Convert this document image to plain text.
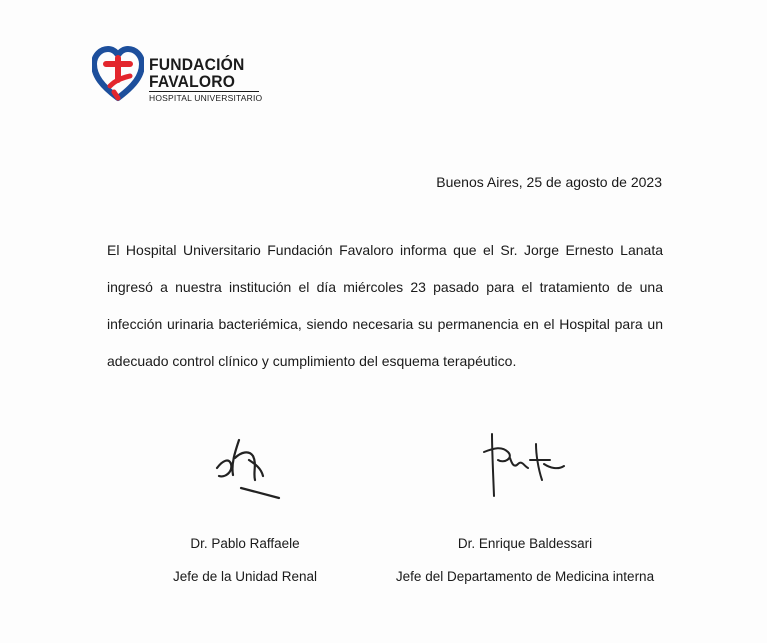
FUNDACIÓN
FAVALORO
HOSPITAL UNIVERSITARIO
Buenos Aires, 25 de agosto de 2023
El Hospital Universitario Fundación Favaloro informa que el Sr. Jorge Ernesto Lanata ingresó a nuestra institución el día miércoles 23 pasado para el tratamiento de una infección urinaria bacteriémica, siendo necesaria su permanencia en el Hospital para un adecuado control clínico y cumplimiento del esquema terapéutico.
Dr. Pablo Raffaele
Jefe de la Unidad Renal
Dr. Enrique Baldessari
Jefe del Departamento de Medicina interna
